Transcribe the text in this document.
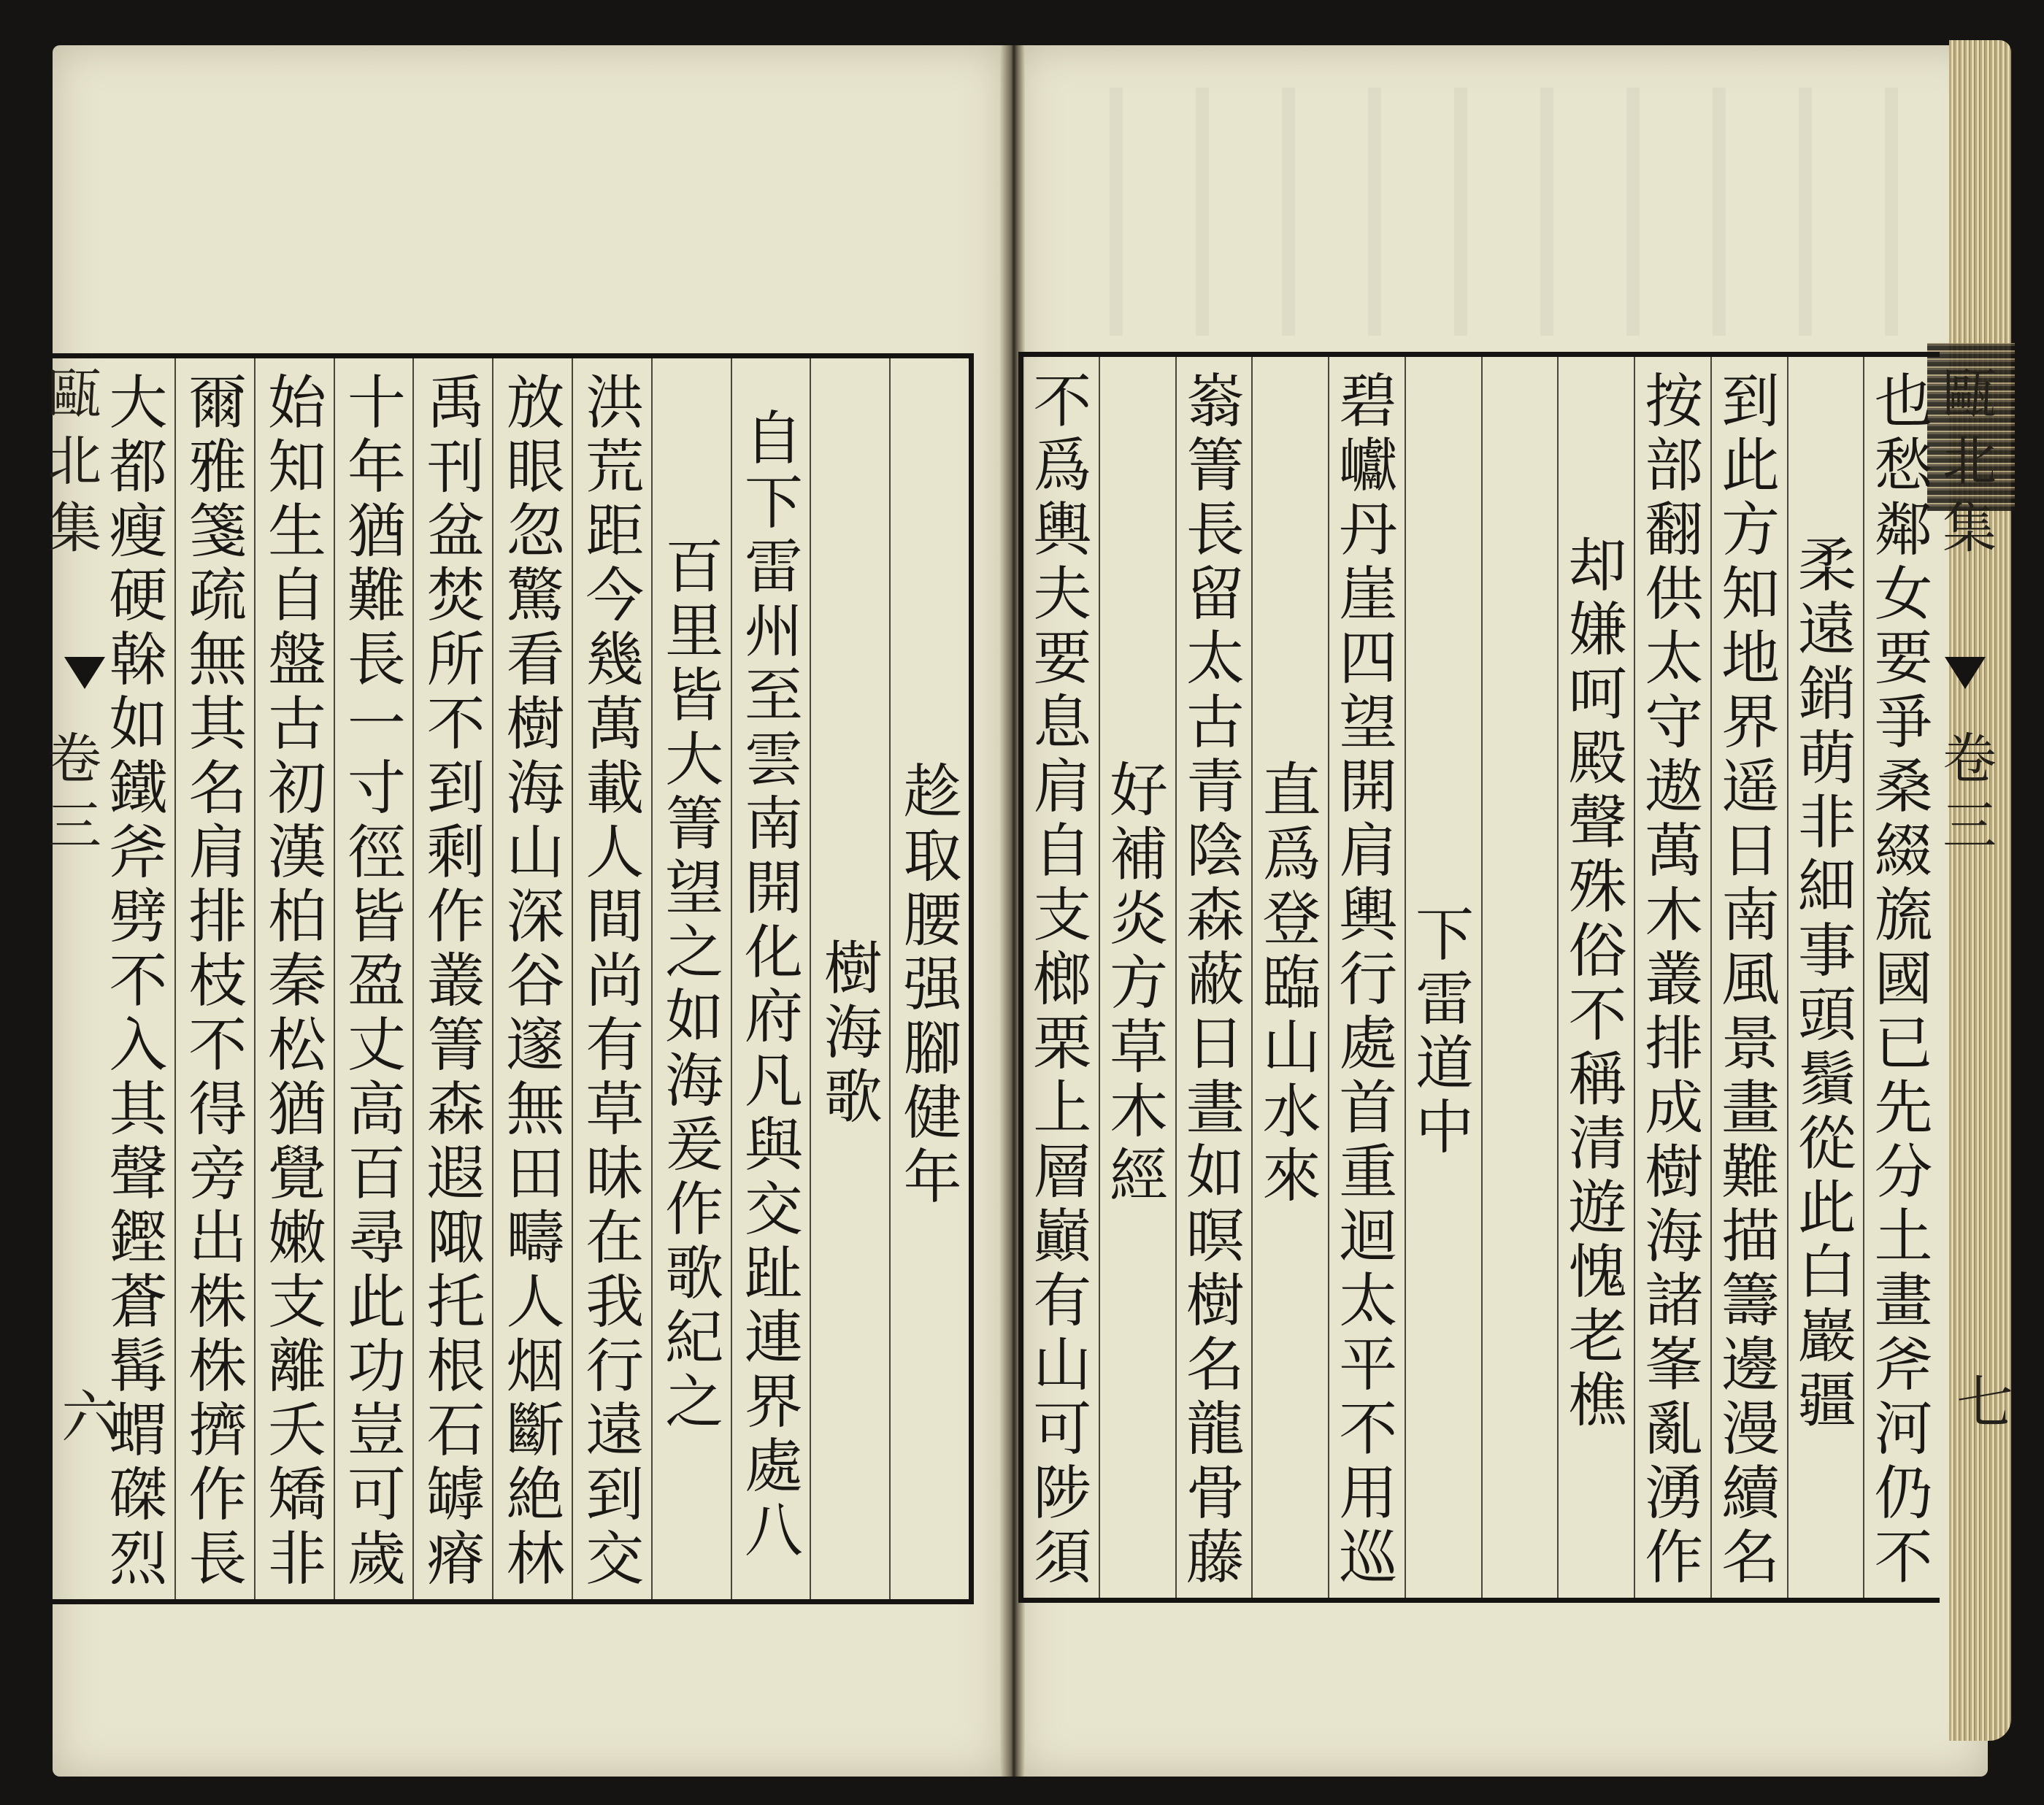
趁取腰强腳健年
樹海歌
自下雷州至雲南開化府凡與交趾連界處八
百里皆大箐望之如海爰作歌紀之
洪荒距今幾萬載人間尚有草昧在我行遠到交
放眼忽驚看樹海山深谷邃無田疇人烟斷絶林
禹刊盆焚所不到剩作叢箐森遐陬托根石罅瘠
十年猶難長一寸徑皆盈丈高百尋此功豈可歲
始知生自盤古初漢柏秦松猶覺嫩支離夭矯非
爾雅箋疏無其名肩排枝不得旁出株株擠作長
大都瘦硬榦如鐵斧劈不入其聲鏗蒼髯蝟磔烈
也愁鄰女要爭桑綴旒國已先分土畫斧河仍不
柔遠銷萌非細事頭鬚從此白巖疆
到此方知地界遥日南風景畫難描籌邊漫續名
按部翻供太守遨萬木叢排成樹海諸峯亂湧作
却嫌呵殿聲殊俗不稱清遊愧老樵
下雷道中
碧巘丹崖四望開肩輿行處首重迴太平不用巡
直爲登臨山水來
嵡箐長留太古青陰森蔽日晝如暝樹名龍骨藤
好補炎方草木經
不爲輿夫要息肩自支榔栗上層巓有山可陟須
甌北集
卷三
六
甌北集
卷三
七
